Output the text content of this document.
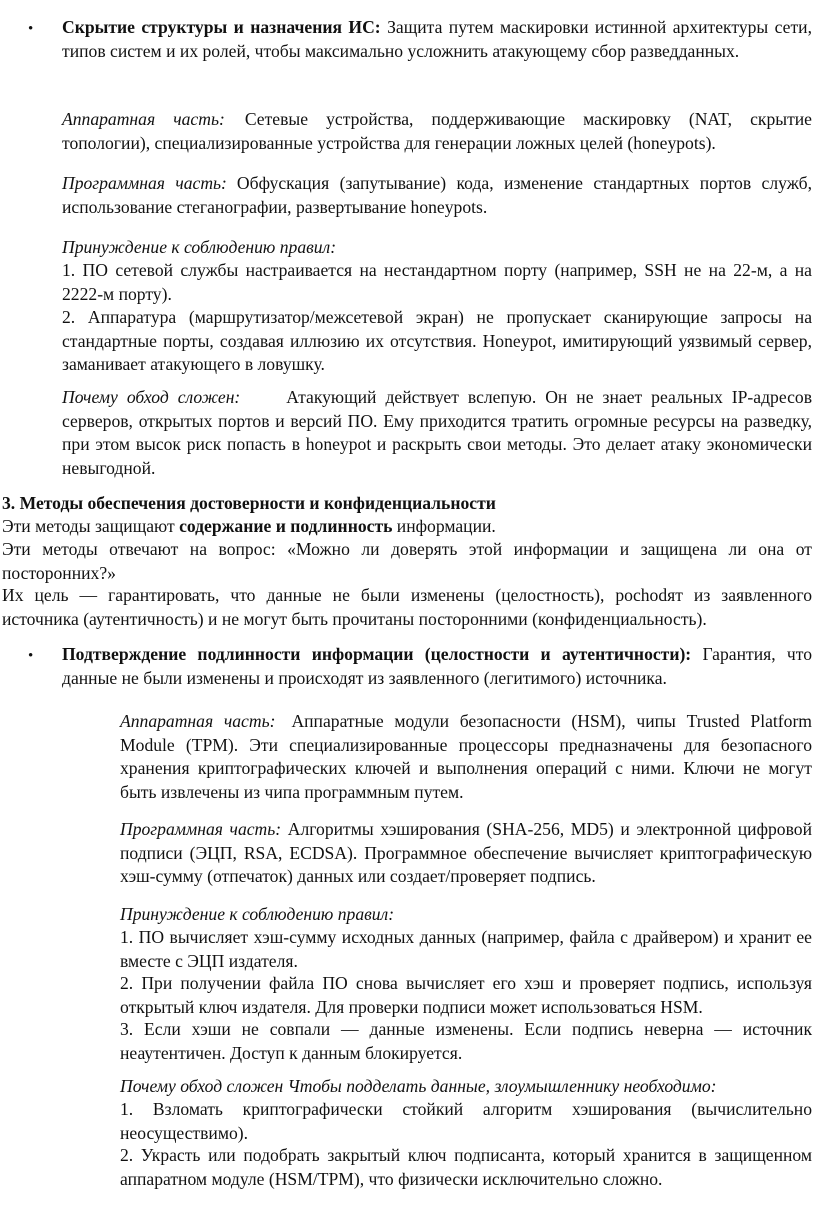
• Скрытие структуры и назначения ИС: Защита путем маскировки истинной архитектуры сети, типов систем и их ролей, чтобы максимально усложнить атакующему сбор разведданных.

Аппаратная часть: Сетевые устройства, поддерживающие маскировку (NAT, скрытие топологии), специализированные устройства для генерации ложных целей (honeypots).

Программная часть: Обфускация (запутывание) кода, изменение стандартных портов служб, использование стеганографии, развертывание honeypots.

Принуждение к соблюдению правил:

1. ПО сетевой службы настраивается на нестандартном порту (например, SSH не на 22-м, а на 2222-м порту).

2. Аппаратура (маршрутизатор/межсетевой экран) не пропускает сканирующие запросы на стандартные порты, создавая иллюзию их отсутствия. Honeypot, имитирующий уязвимый сервер, заманивает атакующего в ловушку.

Почему обход сложен:	Атакующий действует вслепую. Он не знает реальных IP-адресов серверов, открытых портов и версий ПО. Ему приходится тратить огромные ресурсы на разведку, при этом высок риск попасть в honeypot и раскрыть свои методы. Это делает атаку экономически невыгодной.

3. Методы обеспечения достоверности и конфиденциальности

Эти методы защищают содержание и подлинность информации.

Эти методы отвечают на вопрос: «Можно ли доверять этой информации и защищена ли она от посторонних?»

Их цель — гарантировать, что данные не были изменены (целостность), pochodят из заявленного источника (аутентичность) и не могут быть прочитаны посторонними (конфиденциальность).

• Подтверждение подлинности информации (целостности и аутентичности): Гарантия, что данные не были изменены и происходят из заявленного (легитимого) источника.

Аппаратная часть: Аппаратные модули безопасности (HSM), чипы Trusted Platform Module (TPM). Эти специализированные процессоры предназначены для безопасного хранения криптографических ключей и выполнения операций с ними. Ключи не могут быть извлечены из чипа программным путем.

Программная часть: Алгоритмы хэширования (SHA-256, MD5) и электронной цифровой подписи (ЭЦП, RSA, ECDSA). Программное обеспечение вычисляет криптографическую хэш-сумму (отпечаток) данных или создает/проверяет подпись.

Принуждение к соблюдению правил:

1. ПО вычисляет хэш-сумму исходных данных (например, файла с драйвером) и хранит ее вместе с ЭЦП издателя.

2. При получении файла ПО снова вычисляет его хэш и проверяет подпись, используя открытый ключ издателя. Для проверки подписи может использоваться HSM.

3. Если хэши не совпали — данные изменены. Если подпись неверна — источник неаутентичен. Доступ к данным блокируется.

Почему обход сложен Чтобы подделать данные, злоумышленнику необходимо:

1. Взломать криптографически стойкий алгоритм хэширования (вычислительно неосуществимо).

2. Украсть или подобрать закрытый ключ подписанта, который хранится в защищенном аппаратном модуле (HSM/TPM), что физически исключительно сложно.
